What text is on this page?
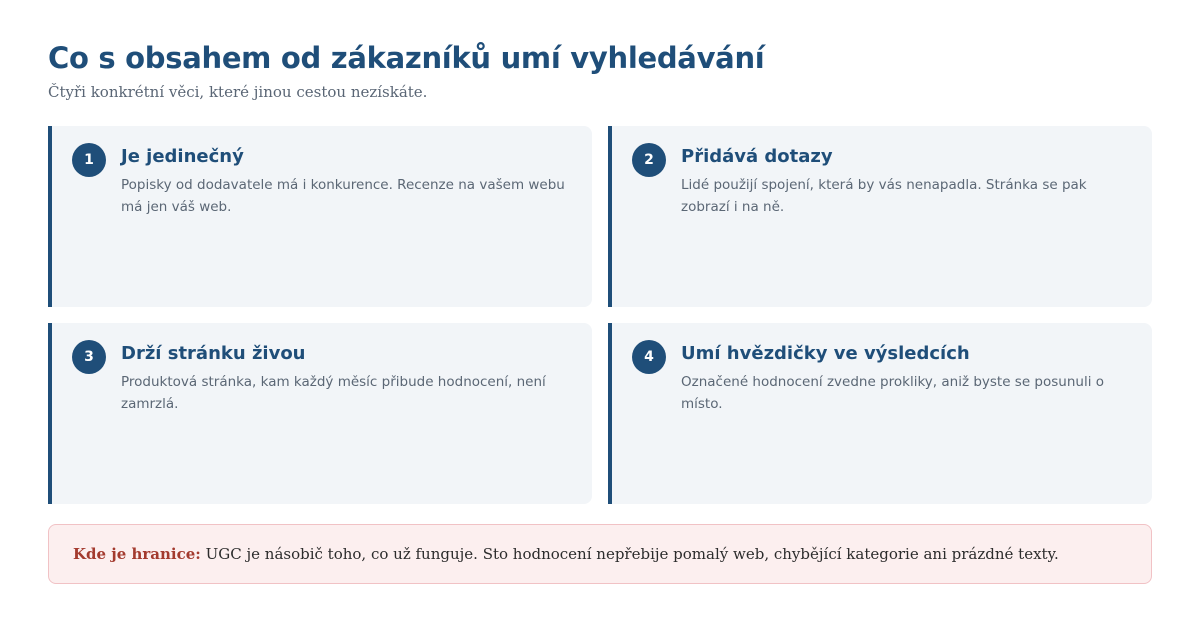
Co s obsahem od zákazníků umí vyhledávání
Čtyři konkrétní věci, které jinou cestou nezískáte.
1	Je jedinečný
Popisky od dodavatele má i konkurence. Recenze na vašem webu má jen váš web.
2	Přidává dotazy
Lidé použijí spojení, která by vás nenapadla. Stránka se pak zobrazí i na ně.
3	Drží stránku živou
Produktová stránka, kam každý měsíc přibude hodnocení, není zamrzlá.
4	Umí hvězdičky ve výsledcích
Označené hodnocení zvedne prokliky, aniž byste se posunuli o místo.
Kde je hranice: UGC je násobič toho, co už funguje. Sto hodnocení nepřebije pomalý web, chybějící kategorie ani prázdné texty.
